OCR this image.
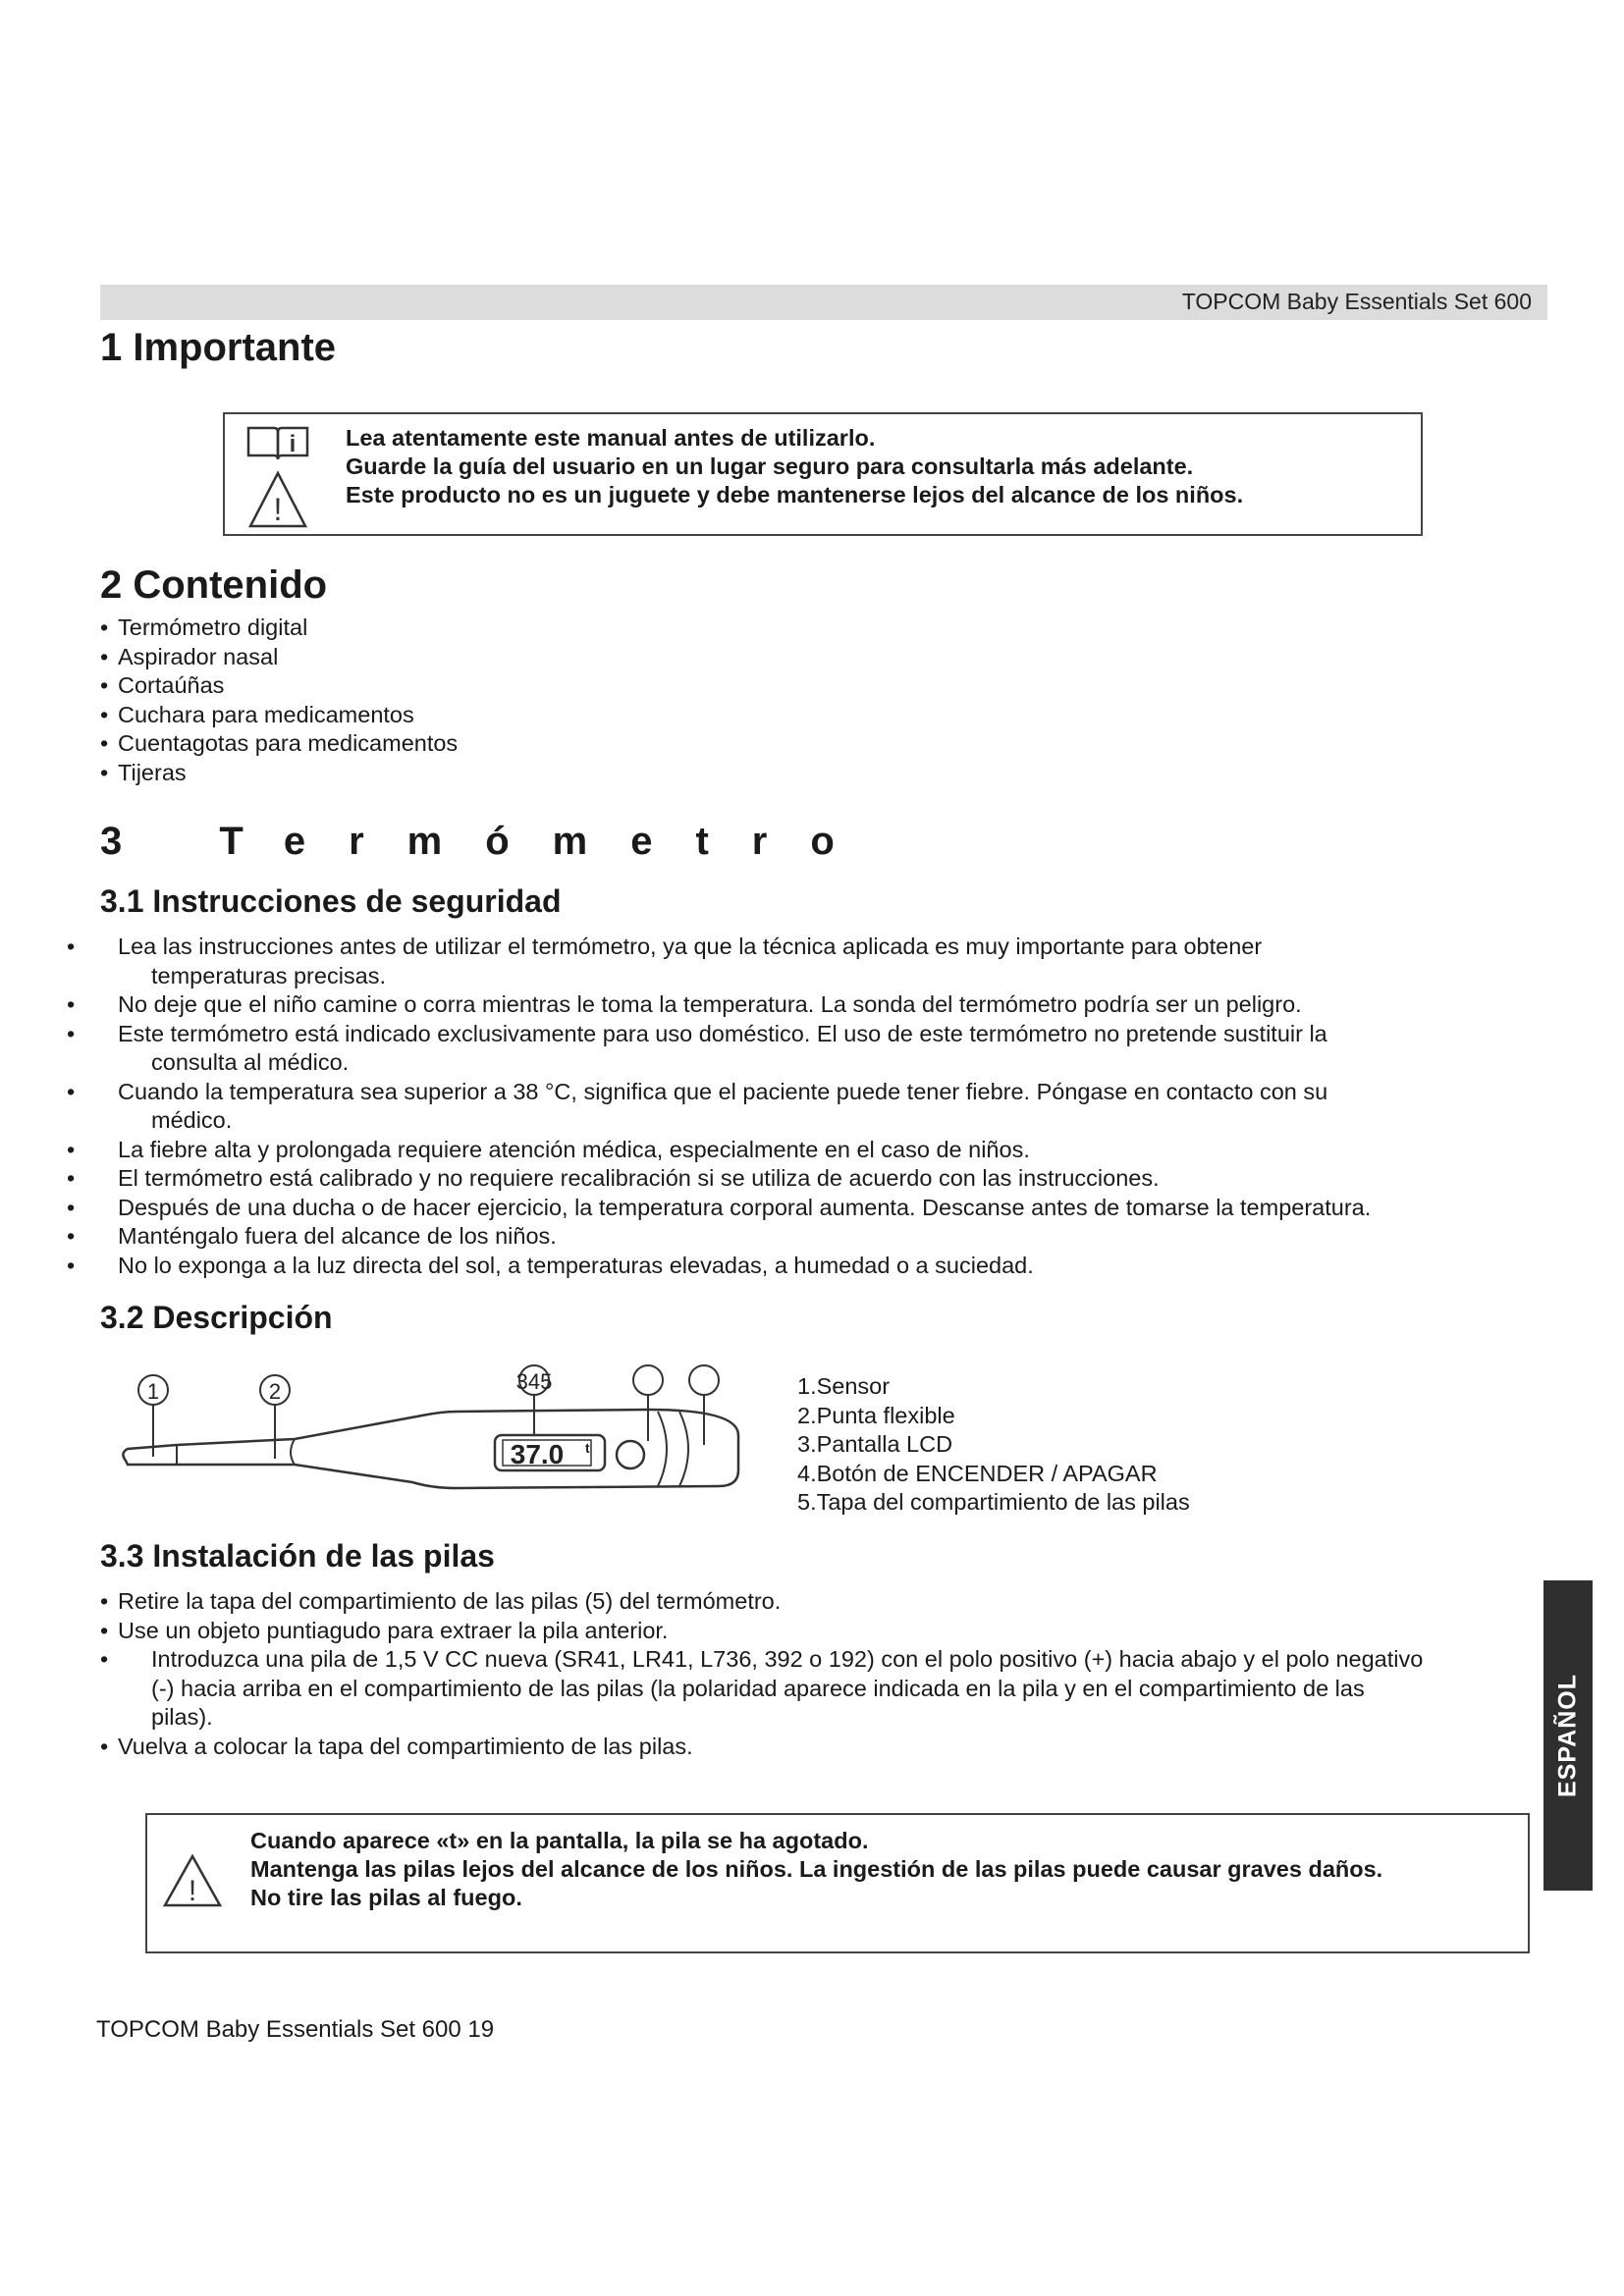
TOPCOM Baby Essentials Set 600
1 Importante
i
!
Lea atentamente este manual antes de utilizarlo.
Guarde la guía del usuario en un lugar seguro para consultarla más adelante.
Este producto no es un juguete y debe mantenerse lejos del alcance de los niños.
2 Contenido
• Termómetro digital
• Aspirador nasal
• Cortaúñas
• Cuchara para medicamentos
• Cuentagotas para medicamentos
• Tijeras
3 Termómetro
3.1 Instrucciones de seguridad
• Lea las instrucciones antes de utilizar el termómetro, ya que la técnica aplicada es muy importante para obtener
temperaturas precisas.
• No deje que el niño camine o corra mientras le toma la temperatura. La sonda del termómetro podría ser un peligro.
• Este termómetro está indicado exclusivamente para uso doméstico. El uso de este termómetro no pretende sustituir la
consulta al médico.
• Cuando la temperatura sea superior a 38 °C, significa que el paciente puede tener fiebre. Póngase en contacto con su
médico.
• La fiebre alta y prolongada requiere atención médica, especialmente en el caso de niños.
• El termómetro está calibrado y no requiere recalibración si se utiliza de acuerdo con las instrucciones.
• Después de una ducha o de hacer ejercicio, la temperatura corporal aumenta. Descanse antes de tomarse la temperatura.
• Manténgalo fuera del alcance de los niños.
• No lo exponga a la luz directa del sol, a temperaturas elevadas, a humedad o a suciedad.
3.2 Descripción
37.0 t
1	2	345	1.Sensor
2.Punta flexible
3.Pantalla LCD
4.Botón de ENCENDER / APAGAR
5.Tapa del compartimiento de las pilas
3.3 Instalación de las pilas
• Retire la tapa del compartimiento de las pilas (5) del termómetro.
• Use un objeto puntiagudo para extraer la pila anterior.
• Introduzca una pila de 1,5 V CC nueva (SR41, LR41, L736, 392 o 192) con el polo positivo (+) hacia abajo y el polo negativo
(-) hacia arriba en el compartimiento de las pilas (la polaridad aparece indicada en la pila y en el compartimiento de las
pilas).
• Vuelva a colocar la tapa del compartimiento de las pilas.
!
Cuando aparece «t» en la pantalla, la pila se ha agotado.
Mantenga las pilas lejos del alcance de los niños. La ingestión de las pilas puede causar graves daños.
No tire las pilas al fuego.
ESPAÑOL
TOPCOM Baby Essentials Set 600 19
